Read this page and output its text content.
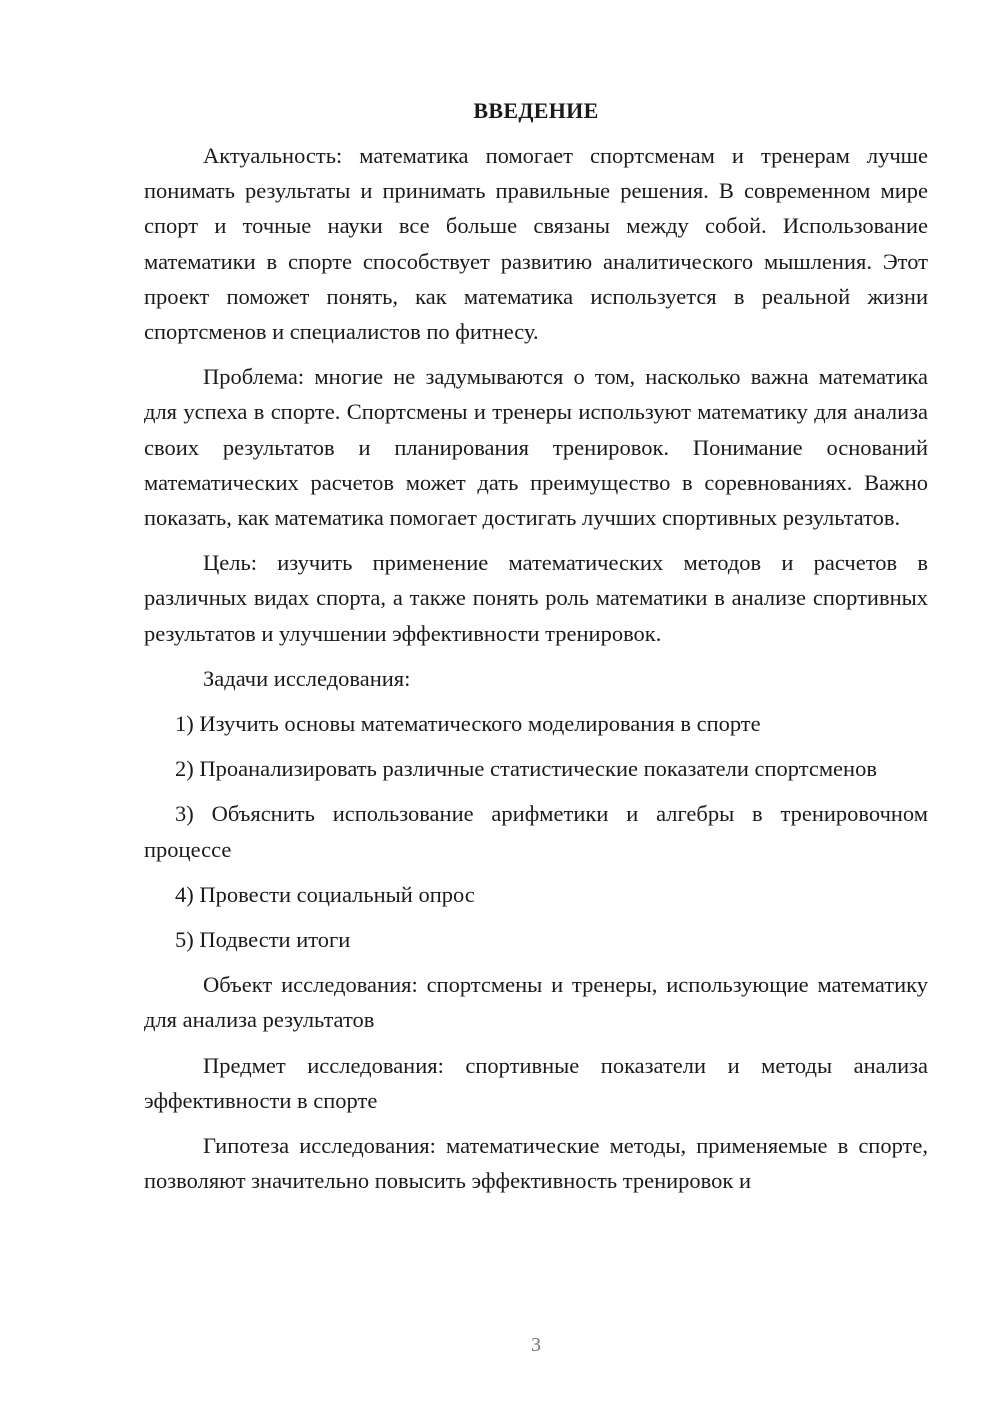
ВВЕДЕНИЕ

Актуальность: математика помогает спортсменам и тренерам лучше понимать результаты и принимать правильные решения. В современном мире спорт и точные науки все больше связаны между собой. Использование математики в спорте способствует развитию аналитического мышления. Этот проект поможет понять, как математика используется в реальной жизни спортсменов и специалистов по фитнесу.

Проблема: многие не задумываются о том, насколько важна математика для успеха в спорте. Спортсмены и тренеры используют математику для анализа своих результатов и планирования тренировок. Понимание оснований математических расчетов может дать преимущество в соревнованиях. Важно показать, как математика помогает достигать лучших спортивных результатов.

Цель: изучить применение математических методов и расчетов в различных видах спорта, а также понять роль математики в анализе спортивных результатов и улучшении эффективности тренировок.

Задачи исследования:

1) Изучить основы математического моделирования в спорте

2) Проанализировать различные статистические показатели спортсменов

3) Объяснить использование арифметики и алгебры в тренировочном процессе

4) Провести социальный опрос

5) Подвести итоги

Объект исследования: спортсмены и тренеры, использующие математику для анализа результатов

Предмет исследования: спортивные показатели и методы анализа эффективности в спорте

Гипотеза исследования: математические методы, применяемые в спорте, позволяют значительно повысить эффективность тренировок и

3
